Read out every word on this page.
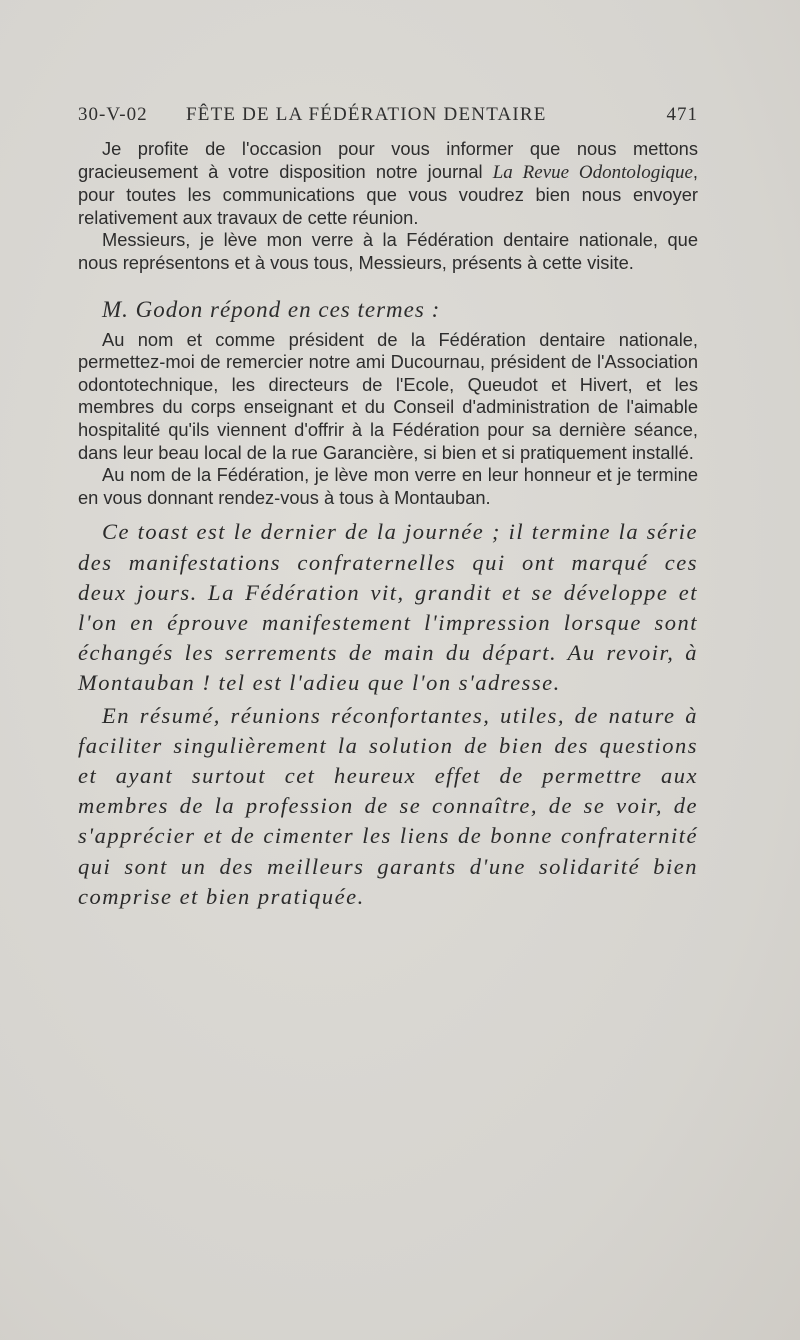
30-V-02 FÊTE DE LA FÉDÉRATION DENTAIRE	471

Je profite de l'occasion pour vous informer que nous mettons gracieusement à votre disposition notre journal La Revue Odontologique, pour toutes les communications que vous voudrez bien nous envoyer relativement aux travaux de cette réunion.

Messieurs, je lève mon verre à la Fédération dentaire nationale, que nous représentons et à vous tous, Messieurs, présents à cette visite.

M. Godon répond en ces termes :

Au nom et comme président de la Fédération dentaire nationale, permettez-moi de remercier notre ami Ducournau, président de l'Association odontotechnique, les directeurs de l'Ecole, Queudot et Hivert, et les membres du corps enseignant et du Conseil d'administration de l'aimable hospitalité qu'ils viennent d'offrir à la Fédération pour sa dernière séance, dans leur beau local de la rue Garancière, si bien et si pratiquement installé.

Au nom de la Fédération, je lève mon verre en leur honneur et je termine en vous donnant rendez-vous à tous à Montauban.

Ce toast est le dernier de la journée ; il termine la série des manifestations confraternelles qui ont marqué ces deux jours. La Fédération vit, grandit et se développe et l'on en éprouve manifestement l'impression lorsque sont échangés les serrements de main du départ. Au revoir, à Montauban ! tel est l'adieu que l'on s'adresse.

En résumé, réunions réconfortantes, utiles, de nature à faciliter singulièrement la solution de bien des questions et ayant surtout cet heureux effet de permettre aux membres de la profession de se connaître, de se voir, de s'apprécier et de cimenter les liens de bonne confraternité qui sont un des meilleurs garants d'une solidarité bien comprise et bien pratiquée.
